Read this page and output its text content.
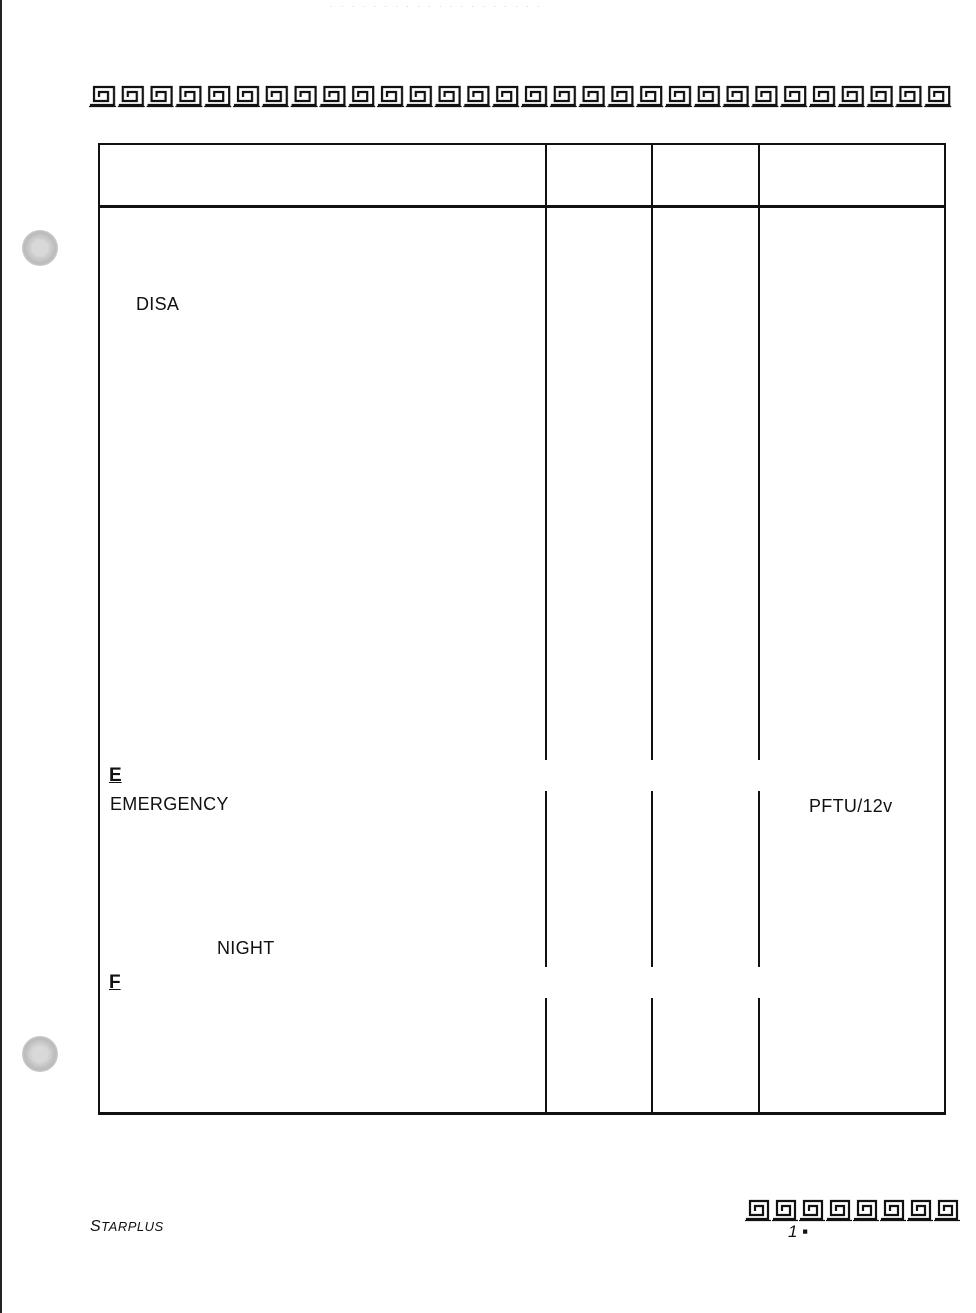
· · · · · · · · · · · · · · · · · · · ·
DISA
E
EMERGENCY	PFTU/12v
NIGHT
F
STARPLUS	1 ▪
